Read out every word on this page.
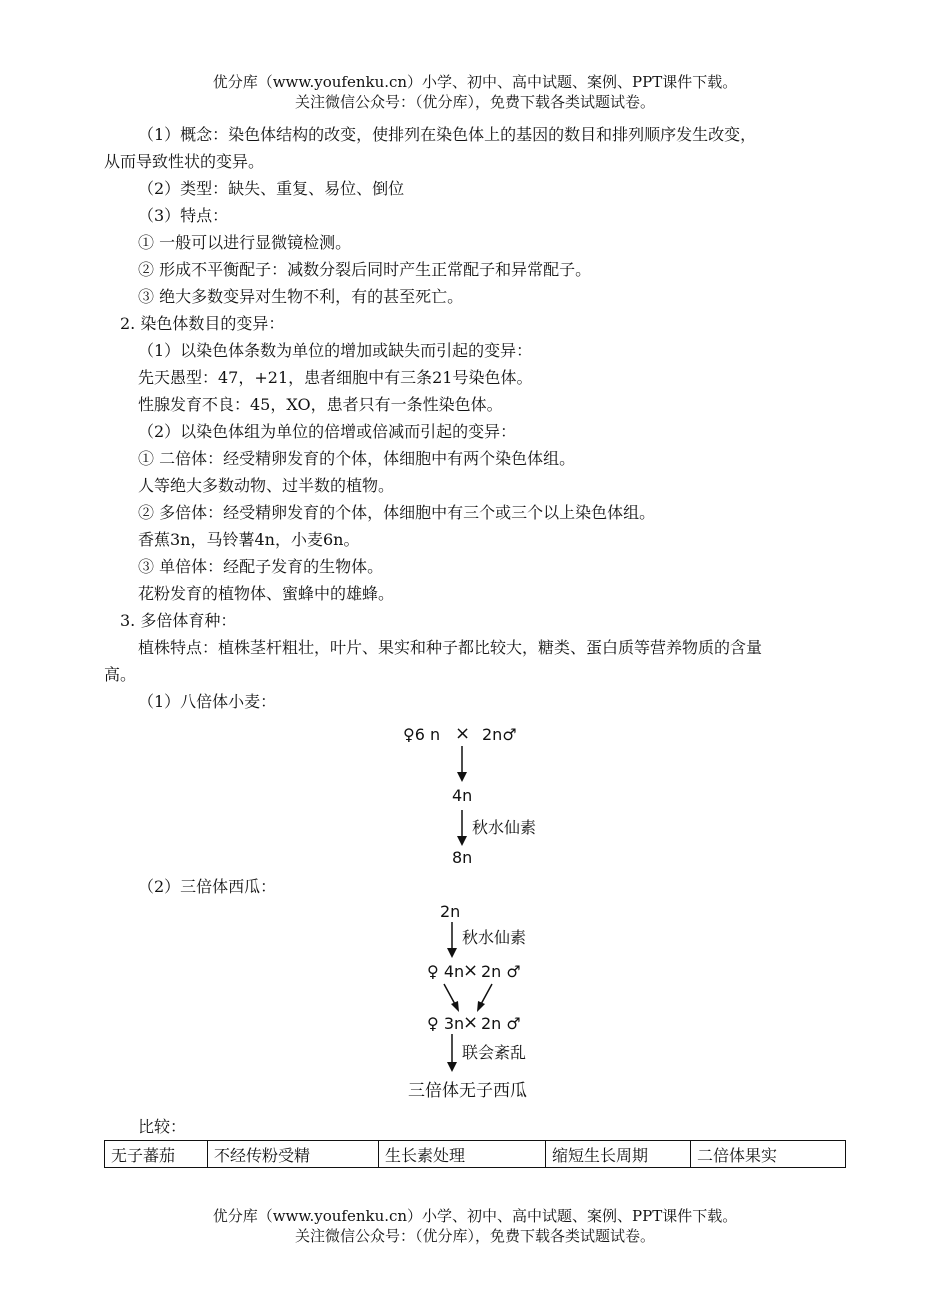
优分库（www.youfenku.cn）小学、初中、高中试题、案例、PPT课件下载。
关注微信公众号：（优分库），免费下载各类试题试卷。
（1）概念：染色体结构的改变，使排列在染色体上的基因的数目和排列顺序发生改变，
从而导致性状的变异。
（2）类型：缺失、重复、易位、倒位
（3）特点：
① 一般可以进行显微镜检测。
② 形成不平衡配子：减数分裂后同时产生正常配子和异常配子。
③ 绝大多数变异对生物不利，有的甚至死亡。
2. 染色体数目的变异：
（1）以染色体条数为单位的增加或缺失而引起的变异：
先天愚型：47，+21，患者细胞中有三条21号染色体。
性腺发育不良：45，XO，患者只有一条性染色体。
（2）以染色体组为单位的倍增或倍减而引起的变异：
① 二倍体：经受精卵发育的个体，体细胞中有两个染色体组。
人等绝大多数动物、过半数的植物。
② 多倍体：经受精卵发育的个体，体细胞中有三个或三个以上染色体组。
香蕉3n，马铃薯4n，小麦6n。
③ 单倍体：经配子发育的生物体。
花粉发育的植物体、蜜蜂中的雄蜂。
3. 多倍体育种：
植株特点：植株茎杆粗壮，叶片、果实和种子都比较大，糖类、蛋白质等营养物质的含量
高。
（1）八倍体小麦：
♀6 n × 2n♂
4n
秋水仙素
8n
（2）三倍体西瓜：
2n
秋水仙素
♀ 4n
× 2n ♂
♀ 3n
× 2n ♂
联会紊乱
三倍体无子西瓜
比较：
无子蕃茄	不经传粉受精	生长素处理	缩短生长周期	二倍体果实
优分库（www.youfenku.cn）小学、初中、高中试题、案例、PPT课件下载。
关注微信公众号：（优分库），免费下载各类试题试卷。
